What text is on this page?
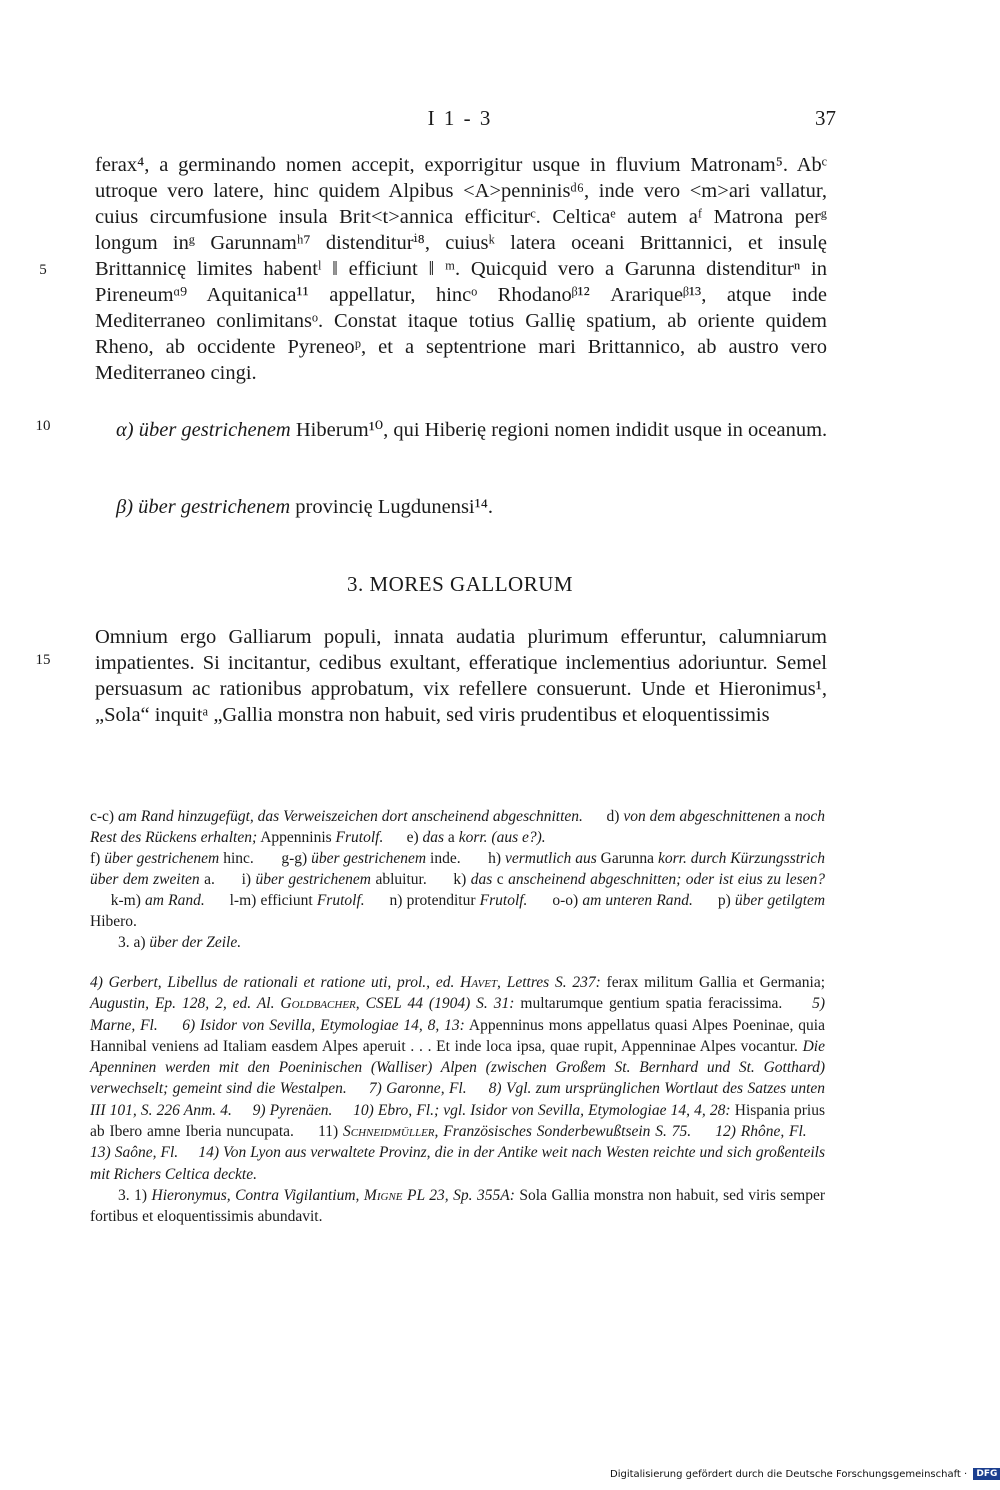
I 1 - 3	37
5
10
15

ferax⁴, a germinando nomen accepit, exporrigitur usque in fluvium Matronam⁵. Abᶜ utroque vero latere, hinc quidem Alpibus <A>penninisᵈ⁶, inde vero <m>ari vallatur, cuius circumfusione insula Brit<t>annica efficiturᶜ. Celticaᵉ autem aᶠ Matrona perᵍ longum inᵍ Garunnamʰ⁷ distenditurⁱ⁸, cuiusᵏ latera oceani Brittannici, et insulę Brittannicę limites habentˡ ‖ efficiunt ‖ ᵐ. Quicquid vero a Garunna distenditurⁿ in Pireneumᵅ⁹ Aquitanica¹¹ appellatur, hincᵒ Rhodanoᵝ¹² Arariqueᵝ¹³, atque inde Mediterraneo conlimitansᵒ. Constat itaque totius Gallię spatium, ab oriente quidem Rheno, ab occidente Pyreneoᵖ, et a septentrione mari Brittannico, ab austro vero Mediterraneo cingi.

α) über gestrichenem Hiberum¹⁰, qui Hiberię regioni nomen indidit usque in oceanum.
β) über gestrichenem provincię Lugdunensi¹⁴.
3. MORES GALLORUM

Omnium ergo Galliarum populi, innata audatia plurimum efferuntur, calumniarum impatientes. Si incitantur, cedibus exultant, efferatique inclementius adoriuntur. Semel persuasum ac rationibus approbatum, vix refellere consuerunt. Unde et Hieronimus¹, „Sola“ inquitᵃ „Gallia monstra non habuit, sed viris prudentibus et eloquentissimis

c-c) am Rand hinzugefügt, das Verweiszeichen dort anscheinend abgeschnitten. d) von dem abgeschnittenen a noch Rest des Rückens erhalten; Appenninis Frutolf. e) das a korr. (aus e?).
f) über gestrichenem hinc. g-g) über gestrichenem inde. h) vermutlich aus Garunna korr. durch Kürzungsstrich über dem zweiten a. i) über gestrichenem abluitur. k) das c anscheinend abgeschnitten; oder ist eius zu lesen?      k-m) am Rand. l-m) efficiunt Frutolf. n) protenditur Frutolf. o-o) am unteren Rand. p) über getilgtem Hibero.

3. a) über der Zeile.

4) Gerbert, Libellus de rationali et ratione uti, prol., ed. Havet, Lettres S. 237: ferax militum Gallia et Germania; Augustin, Ep. 128, 2, ed. Al. Goldbacher, CSEL 44 (1904) S. 31: multarumque gentium spatia feracissima. 5) Marne, Fl. 6) Isidor von Sevilla, Etymologiae 14, 8, 13: Appenninus mons appellatus quasi Alpes Poeninae, quia Hannibal veniens ad Italiam easdem Alpes aperuit . . . Et inde loca ipsa, quae rupit, Appenninae Alpes vocantur. Die Apenninen werden mit den Poeninischen (Walliser) Alpen (zwischen Großem St. Bernhard und St. Gotthard) verwechselt; gemeint sind die Westalpen. 7) Garonne, Fl. 8) Vgl. zum ursprünglichen Wortlaut des Satzes unten III 101, S. 226 Anm. 4. 9) Pyrenäen. 10) Ebro, Fl.; vgl. Isidor von Sevilla, Etymologiae 14, 4, 28: Hispania prius ab Ibero amne Iberia nuncupata. 11) Schneidmüller, Französisches Sonderbewußtsein S. 75. 12) Rhône, Fl.     13) Saône, Fl. 14) Von Lyon aus verwaltete Provinz, die in der Antike weit nach Westen reichte und sich großenteils mit Richers Celtica deckte.

3. 1) Hieronymus, Contra Vigilantium, Migne PL 23, Sp. 355A: Sola Gallia monstra non habuit, sed viris semper fortibus et eloquentissimis abundavit.

Digitalisierung gefördert durch die Deutsche Forschungsgemeinschaft · DFG
